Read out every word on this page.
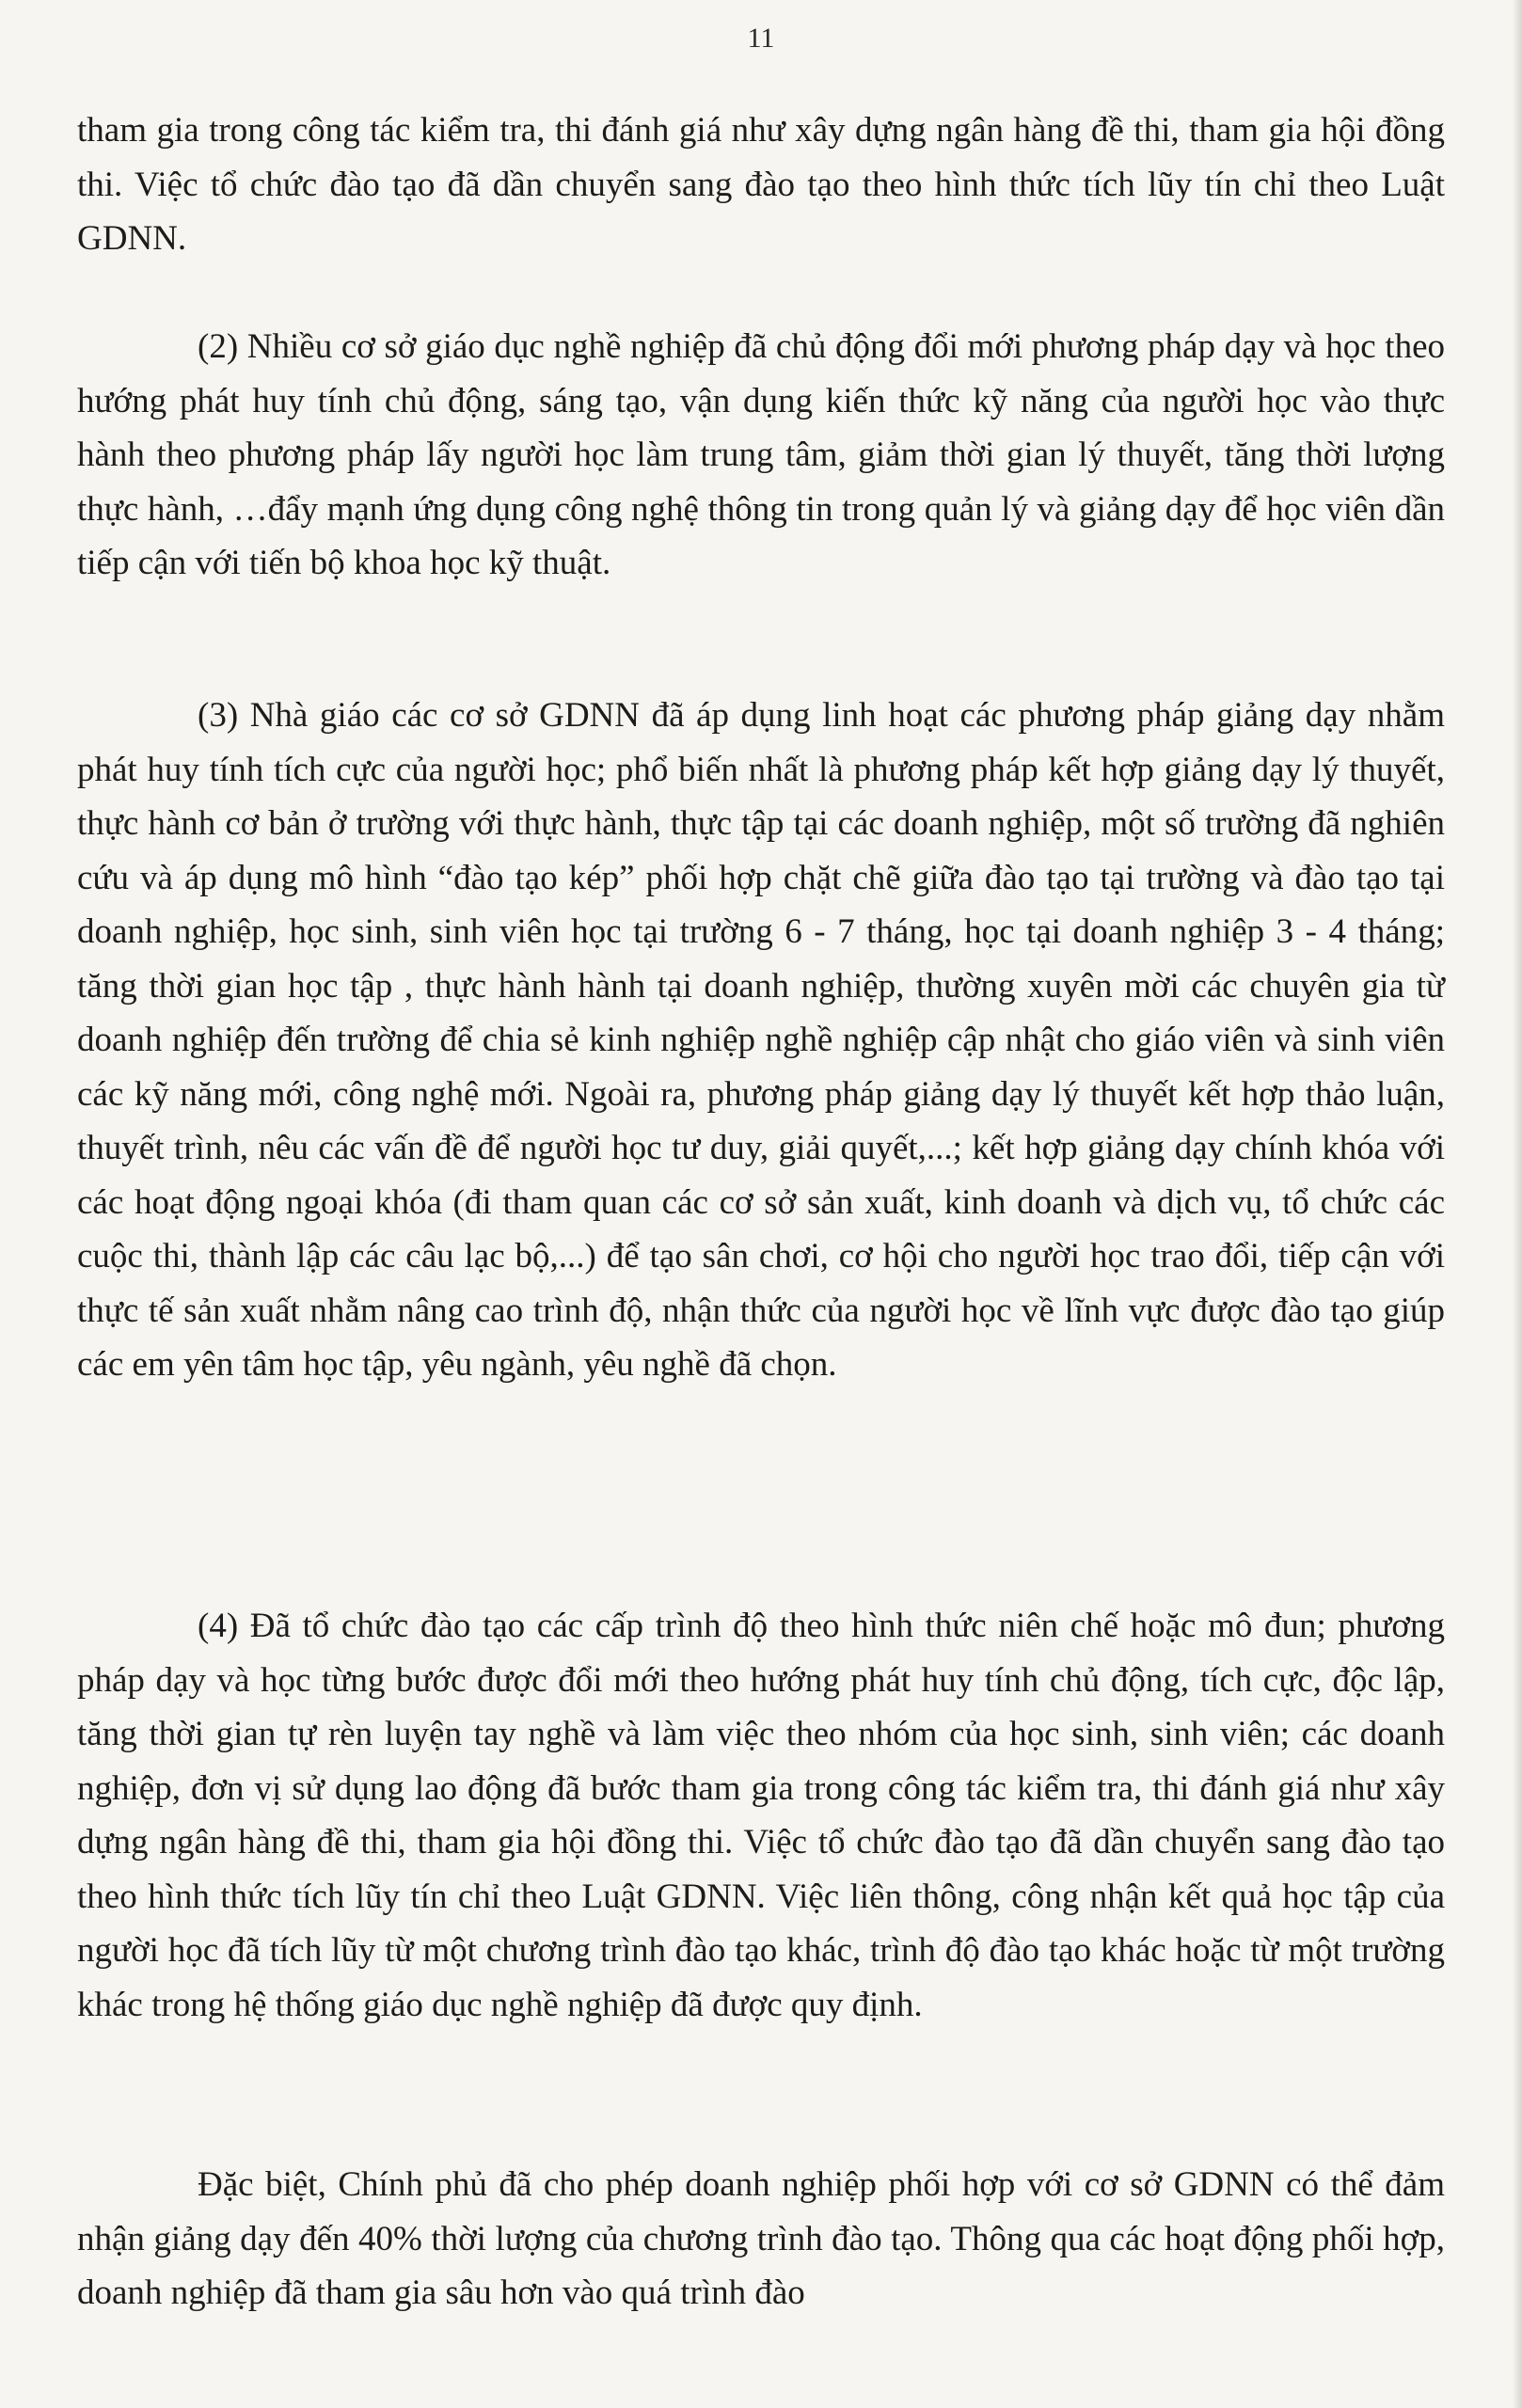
11

tham gia trong công tác kiểm tra, thi đánh giá như xây dựng ngân hàng đề thi, tham gia hội đồng thi. Việc tổ chức đào tạo đã dần chuyển sang đào tạo theo hình thức tích lũy tín chỉ theo Luật GDNN.

(2) Nhiều cơ sở giáo dục nghề nghiệp đã chủ động đổi mới phương pháp dạy và học theo hướng phát huy tính chủ động, sáng tạo, vận dụng kiến thức kỹ năng của người học vào thực hành theo phương pháp lấy người học làm trung tâm, giảm thời gian lý thuyết, tăng thời lượng thực hành, …đẩy mạnh ứng dụng công nghệ thông tin trong quản lý và giảng dạy để học viên dần tiếp cận với tiến bộ khoa học kỹ thuật.

(3) Nhà giáo các cơ sở GDNN đã áp dụng linh hoạt các phương pháp giảng dạy nhằm phát huy tính tích cực của người học; phổ biến nhất là phương pháp kết hợp giảng dạy lý thuyết, thực hành cơ bản ở trường với thực hành, thực tập tại các doanh nghiệp, một số trường đã nghiên cứu và áp dụng mô hình “đào tạo kép” phối hợp chặt chẽ giữa đào tạo tại trường và đào tạo tại doanh nghiệp, học sinh, sinh viên học tại trường 6 - 7 tháng, học tại doanh nghiệp 3 - 4 tháng; tăng thời gian học tập , thực hành hành tại doanh nghiệp, thường xuyên mời các chuyên gia từ doanh nghiệp đến trường để chia sẻ kinh nghiệp nghề nghiệp cập nhật cho giáo viên và sinh viên các kỹ năng mới, công nghệ mới. Ngoài ra, phương pháp giảng dạy lý thuyết kết hợp thảo luận, thuyết trình, nêu các vấn đề để người học tư duy, giải quyết,...; kết hợp giảng dạy chính khóa với các hoạt động ngoại khóa (đi tham quan các cơ sở sản xuất, kinh doanh và dịch vụ, tổ chức các cuộc thi, thành lập các câu lạc bộ,...) để tạo sân chơi, cơ hội cho người học trao đổi, tiếp cận với thực tế sản xuất nhằm nâng cao trình độ, nhận thức của người học về lĩnh vực được đào tạo giúp các em yên tâm học tập, yêu ngành, yêu nghề đã chọn.

(4) Đã tổ chức đào tạo các cấp trình độ theo hình thức niên chế hoặc mô đun; phương pháp dạy và học từng bước được đổi mới theo hướng phát huy tính chủ động, tích cực, độc lập, tăng thời gian tự rèn luyện tay nghề và làm việc theo nhóm của học sinh, sinh viên; các doanh nghiệp, đơn vị sử dụng lao động đã bước tham gia trong công tác kiểm tra, thi đánh giá như xây dựng ngân hàng đề thi, tham gia hội đồng thi. Việc tổ chức đào tạo đã dần chuyển sang đào tạo theo hình thức tích lũy tín chỉ theo Luật GDNN. Việc liên thông, công nhận kết quả học tập của người học đã tích lũy từ một chương trình đào tạo khác, trình độ đào tạo khác hoặc từ một trường khác trong hệ thống giáo dục nghề nghiệp đã được quy định.

Đặc biệt, Chính phủ đã cho phép doanh nghiệp phối hợp với cơ sở GDNN có thể đảm nhận giảng dạy đến 40% thời lượng của chương trình đào tạo. Thông qua các hoạt động phối hợp, doanh nghiệp đã tham gia sâu hơn vào quá trình đào
